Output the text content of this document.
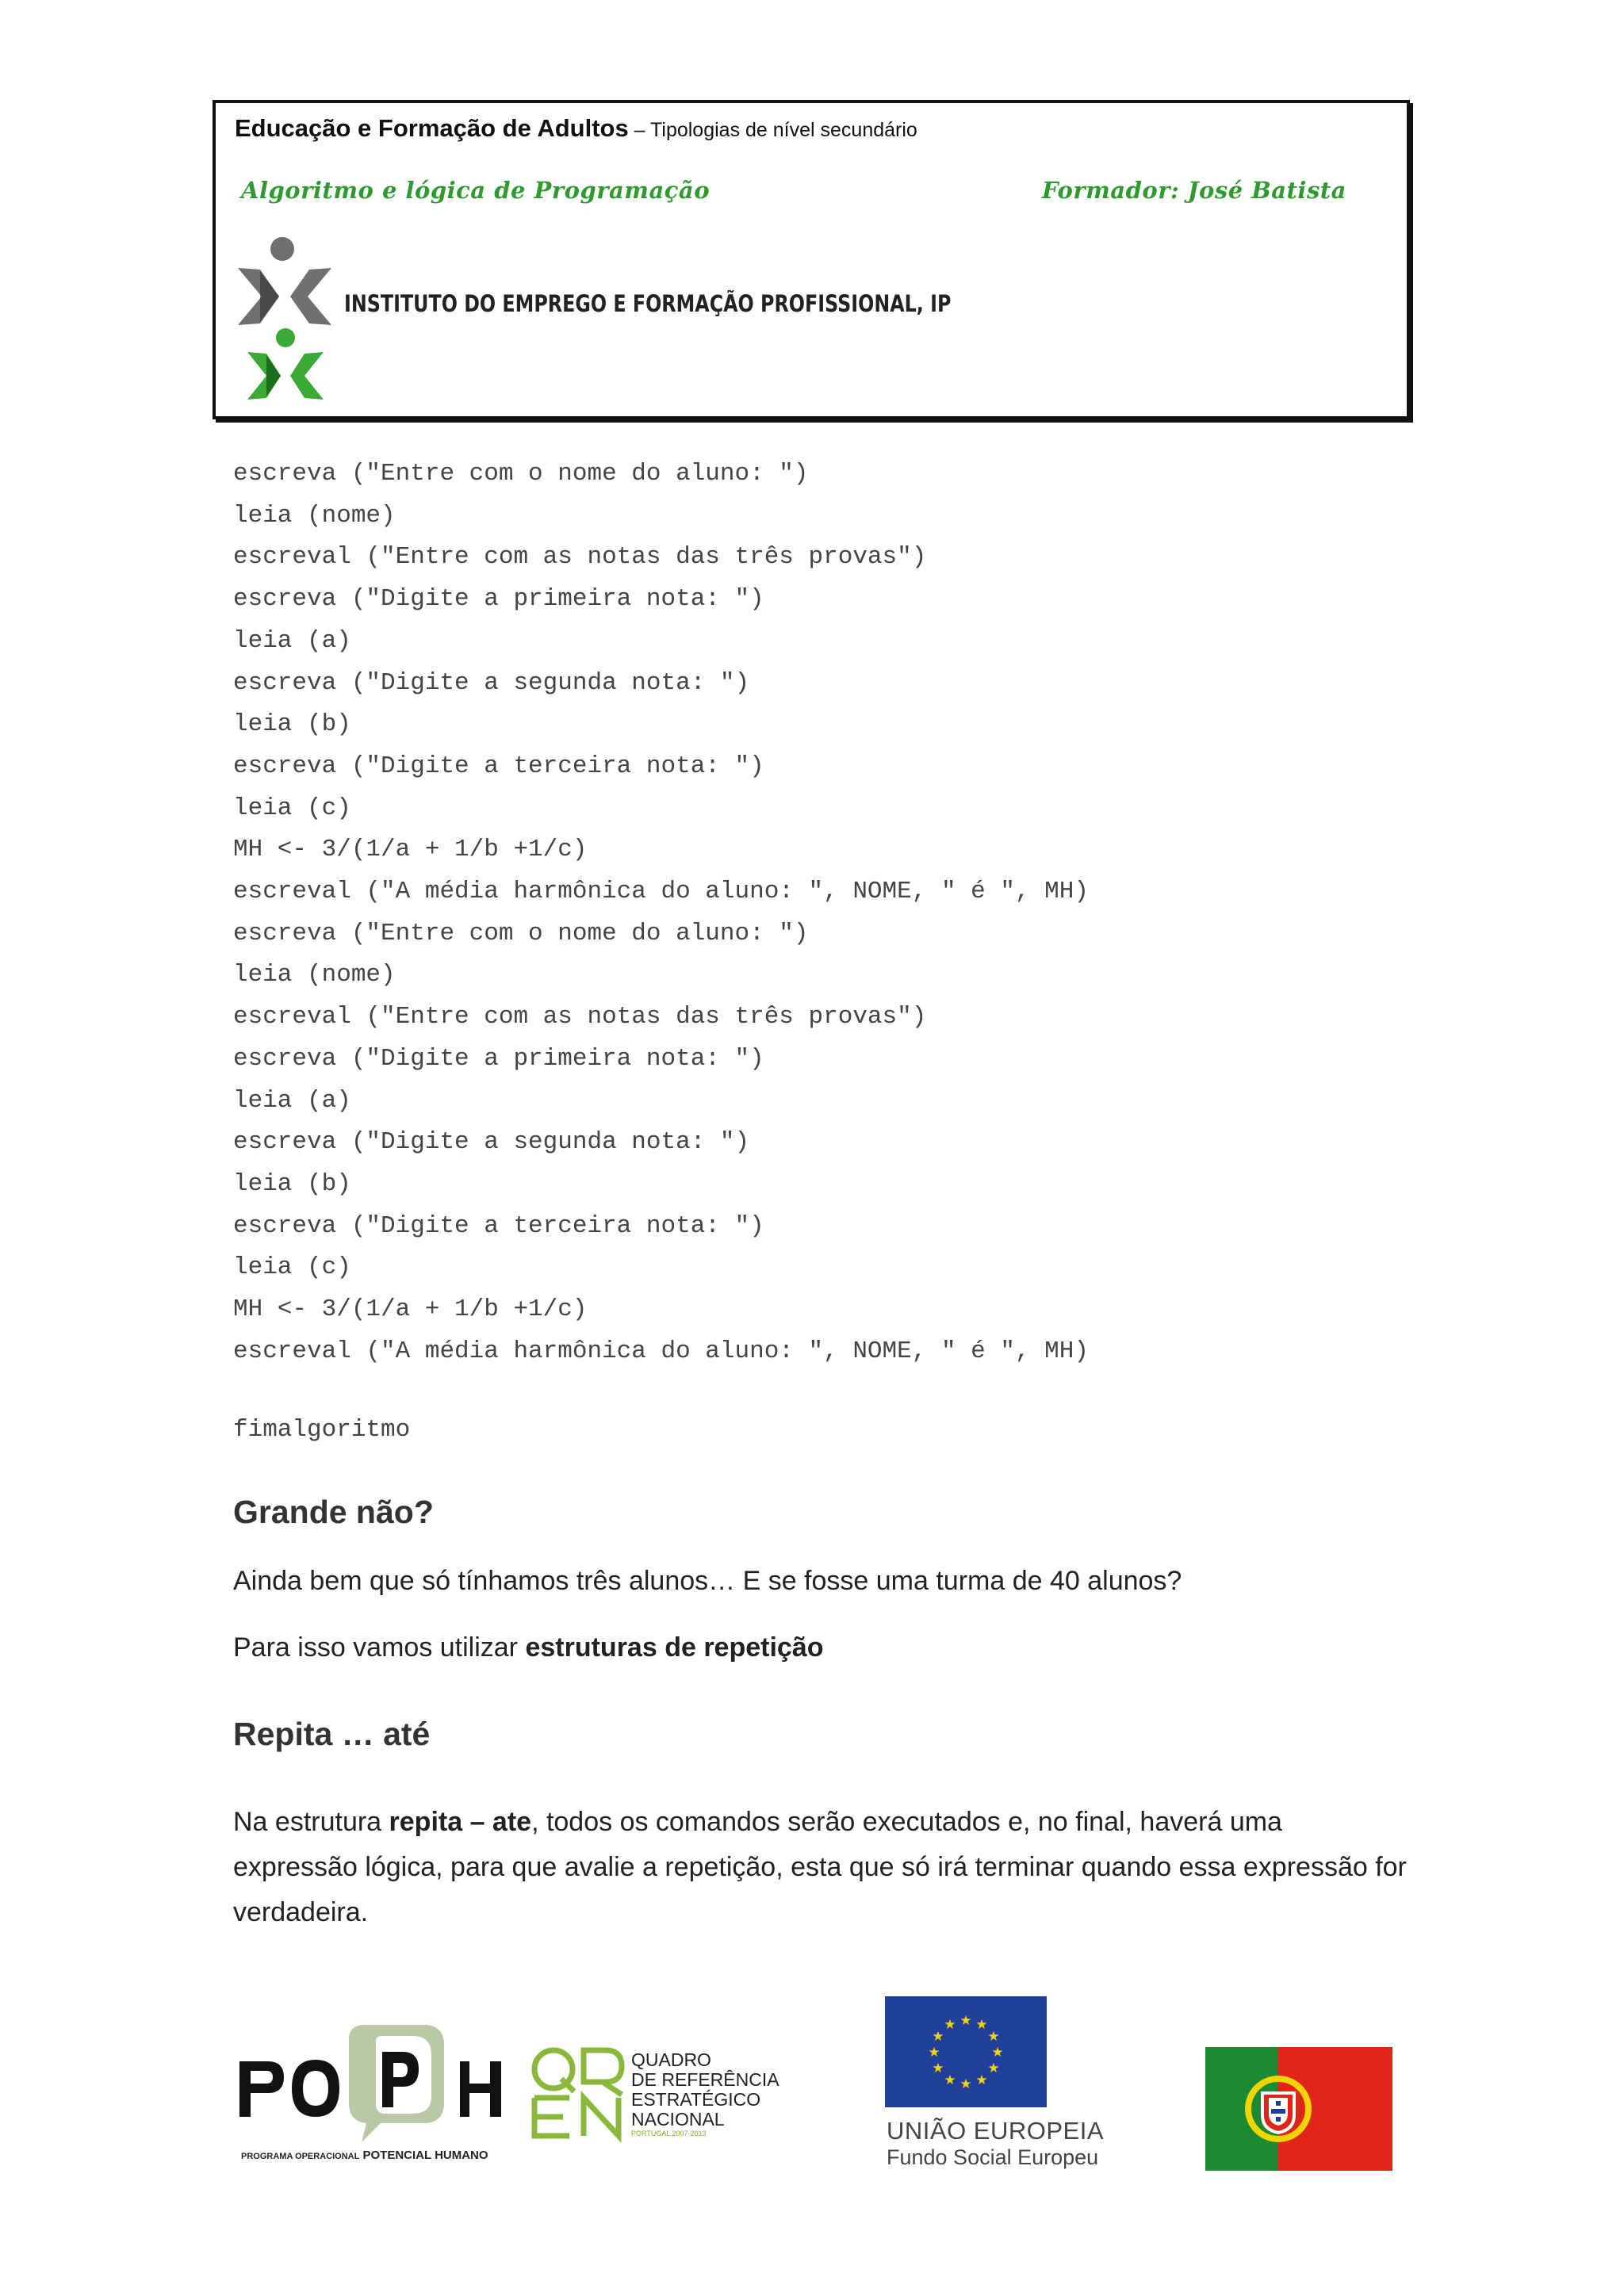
Educação e Formação de Adultos – Tipologias de nível secundário
Algoritmo e lógica de Programação	Formador: José Batista
INSTITUTO DO EMPREGO E FORMAÇÃO PROFISSIONAL, IP
escreva ("Entre com o nome do aluno: ")
leia (nome)
escreval ("Entre com as notas das três provas")
escreva ("Digite a primeira nota: ")
leia (a)
escreva ("Digite a segunda nota: ")
leia (b)
escreva ("Digite a terceira nota: ")
leia (c)
MH <- 3/(1/a + 1/b +1/c)
escreval ("A média harmônica do aluno: ", NOME, " é ", MH)
escreva ("Entre com o nome do aluno: ")
leia (nome)
escreval ("Entre com as notas das três provas")
escreva ("Digite a primeira nota: ")
leia (a)
escreva ("Digite a segunda nota: ")
leia (b)
escreva ("Digite a terceira nota: ")
leia (c)
MH <- 3/(1/a + 1/b +1/c)
escreval ("A média harmônica do aluno: ", NOME, " é ", MH)

fimalgoritmo

Grande não?

Ainda bem que só tínhamos três alunos… E se fosse uma turma de 40 alunos?

Para isso vamos utilizar estruturas de repetição

Repita … até

Na estrutura repita – ate, todos os comandos serão executados e, no final, haverá uma expressão lógica, para que avalie a repetição, esta que só irá terminar quando essa expressão for verdadeira.

PROGRAMA OPERACIONAL POTENCIAL HUMANO
QUADRO
DE REFERÊNCIA
ESTRATÉGICO
NACIONAL
PORTUGAL 2007-2013
★ ★
★
★
★
★
★
★
★
★
★
★
UNIÃO EUROPEIA
Fundo Social Europeu
